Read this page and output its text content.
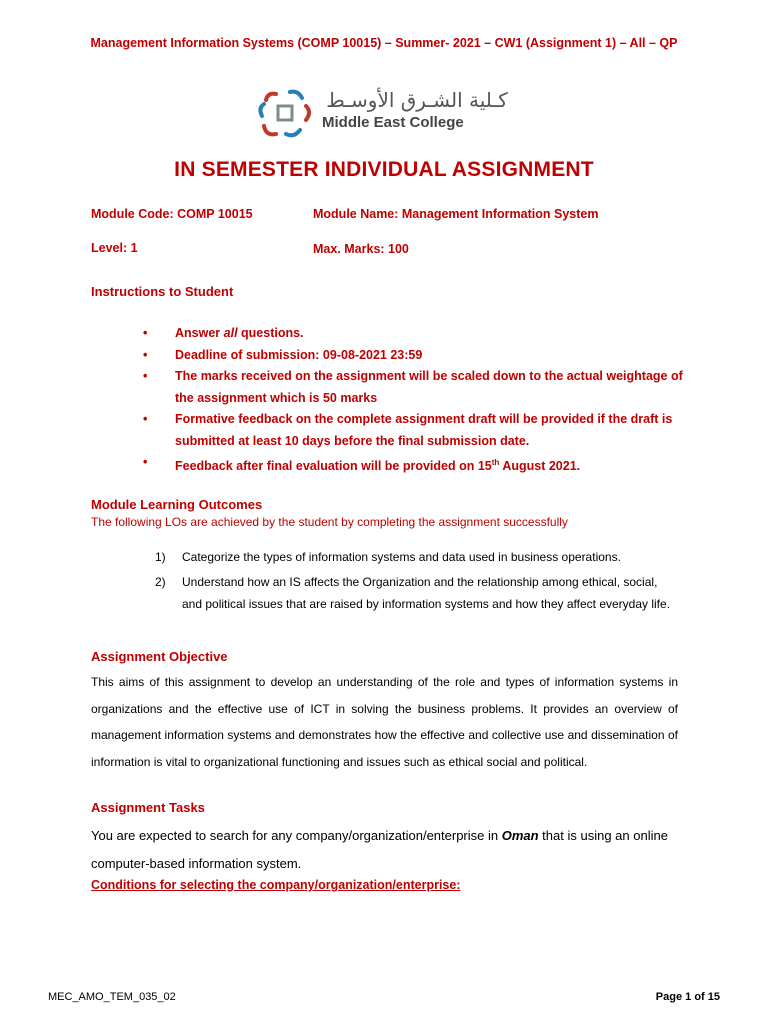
Management Information Systems (COMP 10015) – Summer- 2021 – CW1 (Assignment 1) – All – QP
كـلية الشـرق الأوسـط
Middle East College
IN SEMESTER INDIVIDUAL ASSIGNMENT
Module Code: COMP 10015	Module Name: Management Information System
Level: 1	Max. Marks: 100
Instructions to Student
• Answer all questions.
• Deadline of submission: 09-08-2021 23:59
• The marks received on the assignment will be scaled down to the actual weightage of the assignment which is 50 marks
• Formative feedback on the complete assignment draft will be provided if the draft is submitted at least 10 days before the final submission date.
• Feedback after final evaluation will be provided on 15th August 2021.
Module Learning Outcomes
The following LOs are achieved by the student by completing the assignment successfully
1) Categorize the types of information systems and data used in business operations.
2) Understand how an IS affects the Organization and the relationship among ethical, social, and political issues that are raised by information systems and how they affect everyday life.
Assignment Objective

This aims of this assignment to develop an understanding of the role and types of information systems in organizations and the effective use of ICT in solving the business problems. It provides an overview of management information systems and demonstrates how the effective and collective use and dissemination of information is vital to organizational functioning and issues such as ethical social and political.

Assignment Tasks

You are expected to search for any company/organization/enterprise in Oman that is using an online computer-based information system.

Conditions for selecting the company/organization/enterprise:
MEC_AMO_TEM_035_02	Page 1 of 15
